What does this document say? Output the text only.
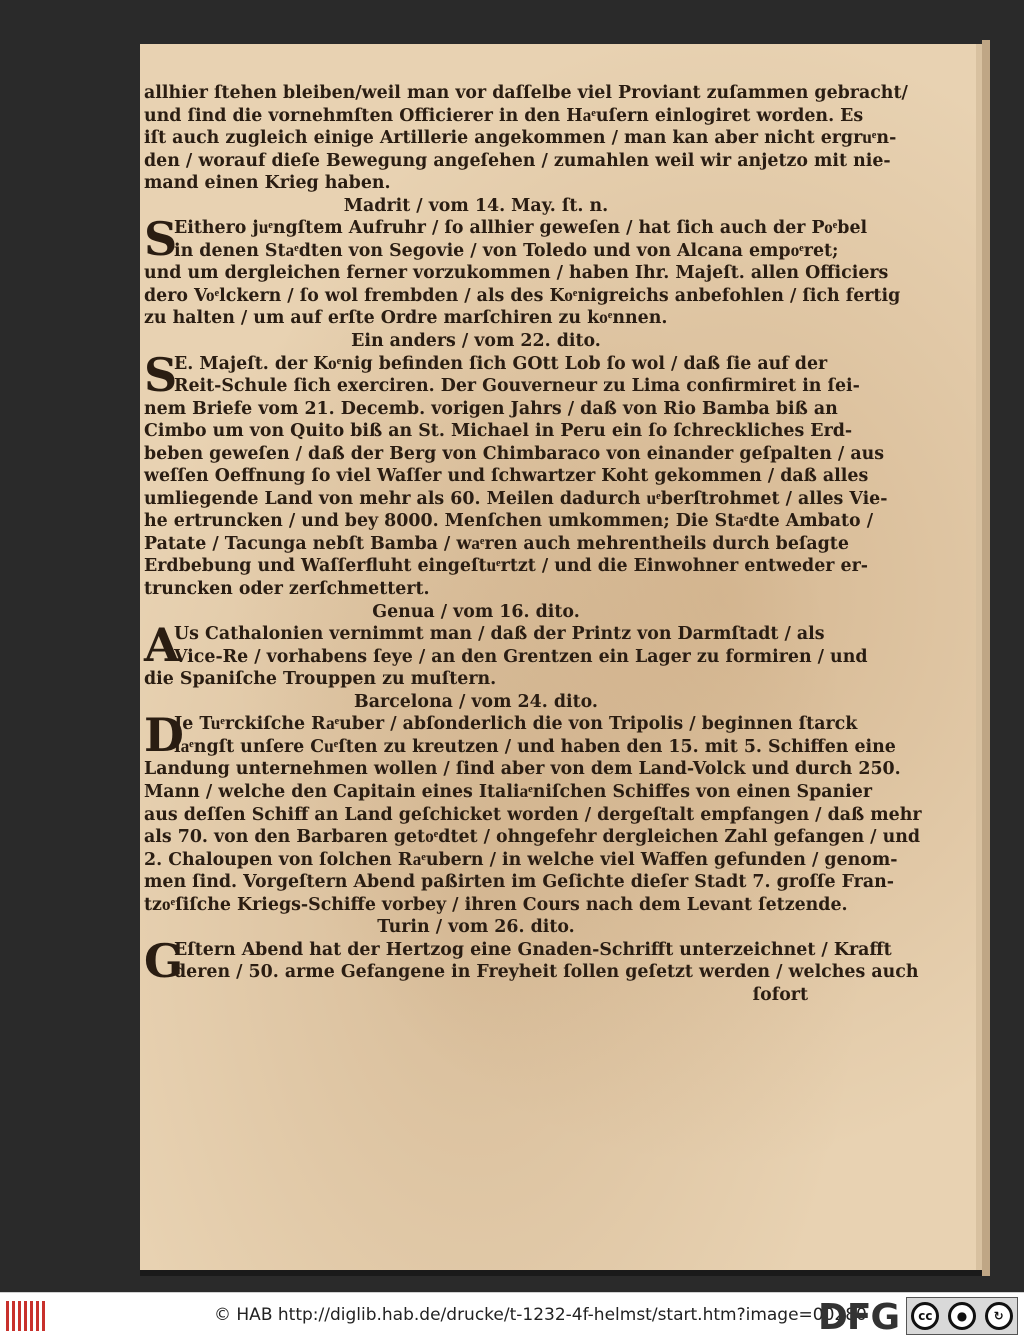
allhier ſtehen bleiben/weil man vor daſſelbe viel Proviant zuſammen gebracht/
und ſind die vornehmſten Officierer in den Haͤuſern einlogiret worden. Es
iſt auch zugleich einige Artillerie angekommen / man kan aber nicht ergruͤn-
den / worauf dieſe Bewegung angeſehen / zumahlen weil wir anjetzo mit nie-
mand einen Krieg haben.
Madrit / vom 14. May. ſt. n.
S
Eithero juͤngſtem Aufruhr / ſo allhier geweſen / hat ſich auch der Poͤbel
in denen Staͤdten von Segovie / von Toledo und von Alcana empoͤret;
und um dergleichen ferner vorzukommen / haben Ihr. Majeſt. allen Officiers
dero Voͤlckern / ſo wol frembden / als des Koͤnigreichs anbefohlen / ſich fertig
zu halten / um auf erſte Ordre marſchiren zu koͤnnen.
Ein anders / vom 22. dito.
S
E. Majeſt. der Koͤnig befinden ſich GOtt Lob ſo wol / daß ſie auf der
Reit-Schule ſich exerciren. Der Gouverneur zu Lima confirmiret in ſei-
nem Briefe vom 21. Decemb. vorigen Jahrs / daß von Rio Bamba biß an
Cimbo um von Quito biß an St. Michael in Peru ein ſo ſchreckliches Erd-
beben geweſen / daß der Berg von Chimbaraco von einander geſpalten / aus
weſſen Oeffnung ſo viel Waſſer und ſchwartzer Koht gekommen / daß alles
umliegende Land von mehr als 60. Meilen dadurch uͤberſtrohmet / alles Vie-
he ertruncken / und bey 8000. Menſchen umkommen; Die Staͤdte Ambato /
Patate / Tacunga nebſt Bamba / waͤren auch mehrentheils durch beſagte
Erdbebung und Waſſerfluht eingeſtuͤrtzt / und die Einwohner entweder er-
truncken oder zerſchmettert.
Genua / vom 16. dito.
A
Us Cathalonien vernimmt man / daß der Printz von Darmſtadt / als
Vice-Re / vorhabens ſeye / an den Grentzen ein Lager zu formiren / und
die Spaniſche Trouppen zu muſtern.
Barcelona / vom 24. dito.
D
Je Tuͤrckiſche Raͤuber / abſonderlich die von Tripolis / beginnen ſtarck
laͤngſt unſere Cuͤſten zu kreutzen / und haben den 15. mit 5. Schiffen eine
Landung unternehmen wollen / ſind aber von dem Land-Volck und durch 250.
Mann / welche den Capitain eines Italiaͤniſchen Schiffes von einen Spanier
aus deſſen Schiff an Land geſchicket worden / dergeſtalt empfangen / daß mehr
als 70. von den Barbaren getoͤdtet / ohngefehr dergleichen Zahl gefangen / und
2. Chaloupen von ſolchen Raͤubern / in welche viel Waffen gefunden / genom-
men ſind. Vorgeſtern Abend paßirten im Geſichte dieſer Stadt 7. groſſe Fran-
tzoͤſiſche Kriegs-Schiffe vorbey / ihren Cours nach dem Levant ſetzende.
Turin / vom 26. dito.
G
Eſtern Abend hat der Hertzog eine Gnaden-Schrifft unterzeichnet / Krafft
deren / 50. arme Gefangene in Freyheit ſollen geſetzt werden / welches auch
ſofort
© HAB http://diglib.hab.de/drucke/t-1232-4f-helmst/start.htm?image=00280
DFG	cc	●	↻
